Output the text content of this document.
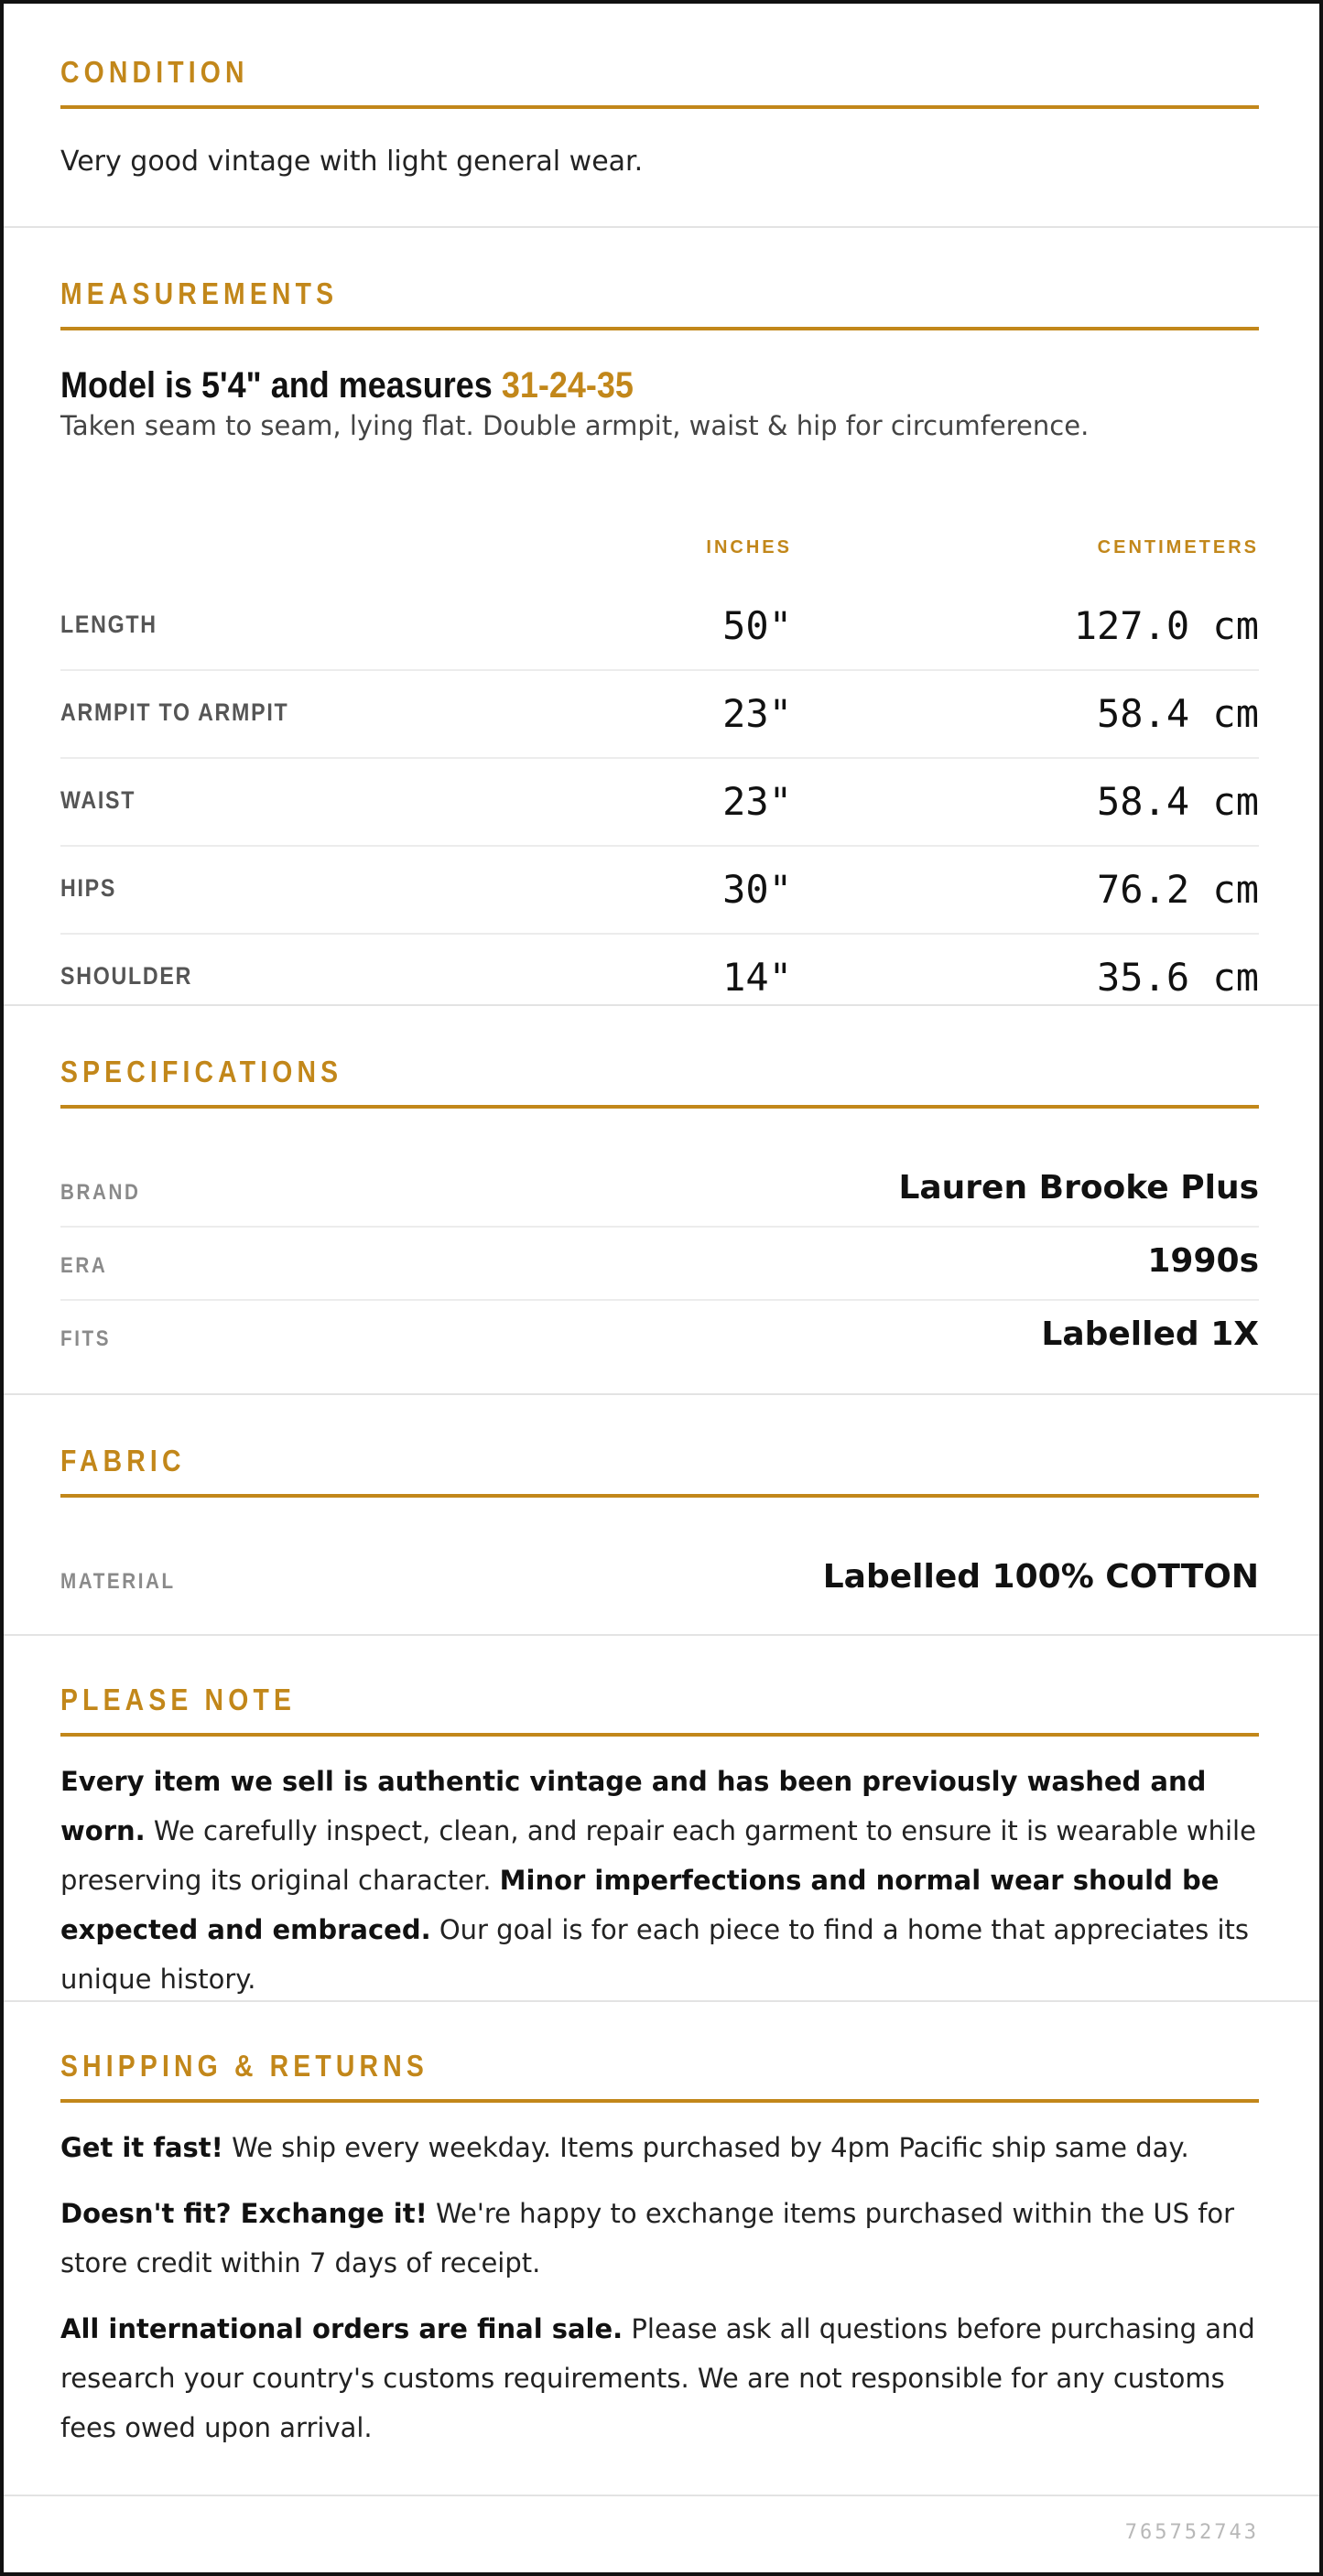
CONDITION
Very good vintage with light general wear.
MEASUREMENTS
Model is 5'4" and measures 31-24-35
Taken seam to seam, lying flat. Double armpit, waist & hip for circumference.
INCHES	CENTIMETERS
LENGTH	50"	127.0 cm
ARMPIT TO ARMPIT	23"	58.4 cm
WAIST	23"	58.4 cm
HIPS	30"	76.2 cm
SHOULDER	14"	35.6 cm
SPECIFICATIONS
BRAND	Lauren Brooke Plus
ERA	1990s
FITS	Labelled 1X
FABRIC
MATERIAL	Labelled 100% COTTON
PLEASE NOTE

Every item we sell is authentic vintage and has been previously washed and worn. We carefully inspect, clean, and repair each garment to ensure it is wearable while preserving its original character. Minor imperfections and normal wear should be expected and embraced. Our goal is for each piece to find a home that appreciates its unique history.

SHIPPING & RETURNS

Get it fast! We ship every weekday. Items purchased by 4pm Pacific ship same day.

Doesn't fit? Exchange it! We're happy to exchange items purchased within the US for store credit within 7 days of receipt.

All international orders are final sale. Please ask all questions before purchasing and research your country's customs requirements. We are not responsible for any customs fees owed upon arrival.

765752743
